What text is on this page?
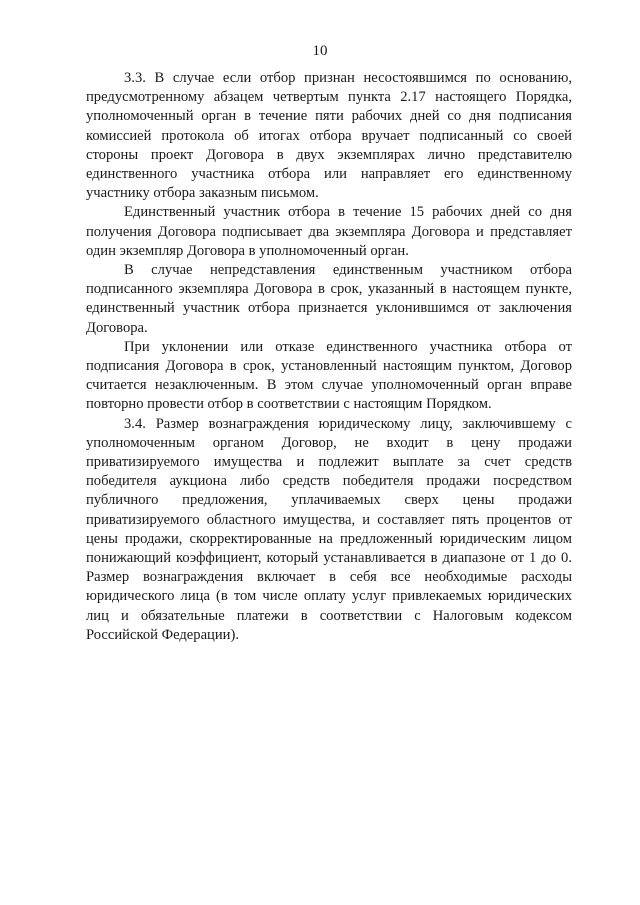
10

3.3. В случае если отбор признан несостоявшимся по основанию, предусмотренному абзацем четвертым пункта 2.17 настоящего Порядка, уполномоченный орган в течение пяти рабочих дней со дня подписания комиссией протокола об итогах отбора вручает подписанный со своей стороны проект Договора в двух экземплярах лично представителю единственного участника отбора или направляет его единственному участнику отбора заказным письмом.

Единственный участник отбора в течение 15 рабочих дней со дня получения Договора подписывает два экземпляра Договора и представляет один экземпляр Договора в уполномоченный орган.

В случае непредставления единственным участником отбора подписанного экземпляра Договора в срок, указанный в настоящем пункте, единственный участник отбора признается уклонившимся от заключения Договора.

При уклонении или отказе единственного участника отбора от подписания Договора в срок, установленный настоящим пунктом, Договор считается незаключенным. В этом случае уполномоченный орган вправе повторно провести отбор в соответствии с настоящим Порядком.

3.4. Размер вознаграждения юридическому лицу, заключившему с уполномоченным органом Договор, не входит в цену продажи приватизируемого имущества и подлежит выплате за счет средств победителя аукциона либо средств победителя продажи посредством публичного предложения, уплачиваемых сверх цены продажи приватизируемого областного имущества, и составляет пять процентов от цены продажи, скорректированные на предложенный юридическим лицом понижающий коэффициент, который устанавливается в диапазоне от 1 до 0. Размер вознаграждения включает в себя все необходимые расходы юридического лица (в том числе оплату услуг привлекаемых юридических лиц и обязательные платежи в соответствии с Налоговым кодексом Российской Федерации).
